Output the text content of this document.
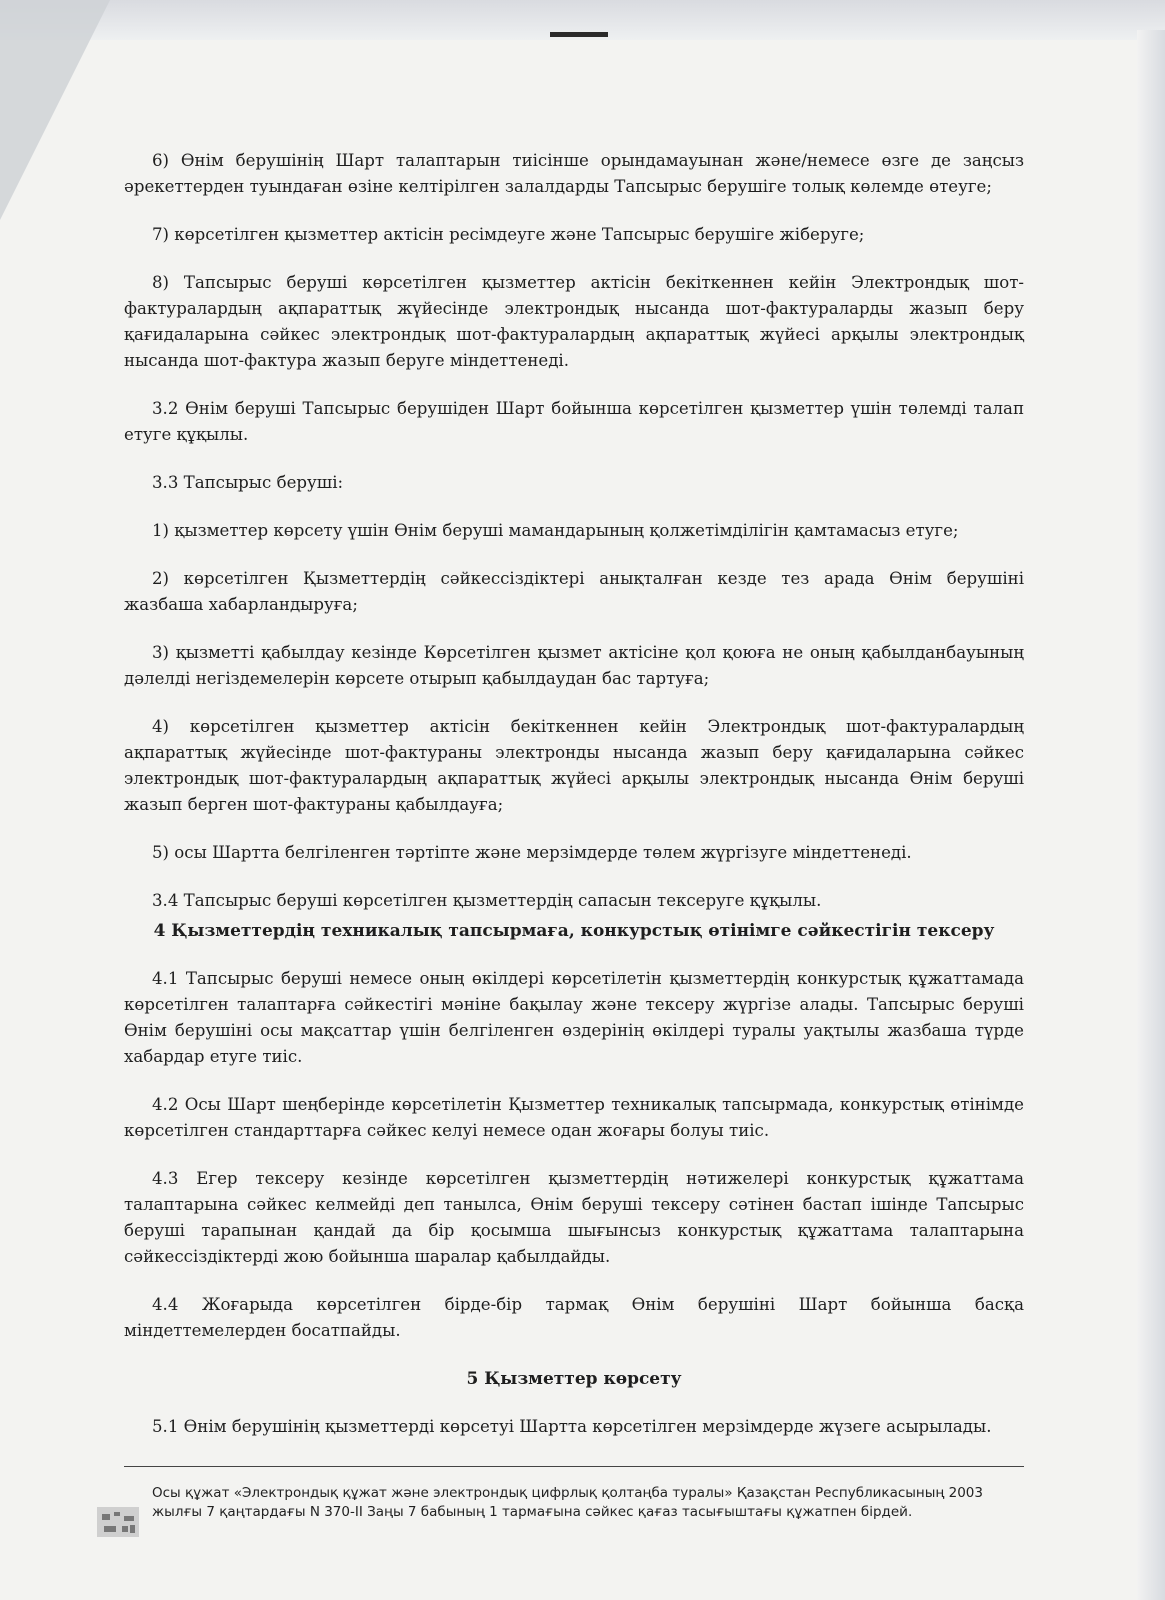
6) Өнім берушінің Шарт талаптарын тиісінше орындамауынан және/немесе өзге де заңсыз әрекеттерден туындаған өзіне келтірілген залалдарды Тапсырыс берушіге толық көлемде өтеуге;

7) көрсетілген қызметтер актісін ресімдеуге және Тапсырыс берушіге жіберуге;

8) Тапсырыс беруші көрсетілген қызметтер актісін бекіткеннен кейін Электрондық шот-фактуралардың ақпараттық жүйесінде электрондық нысанда шот-фактураларды жазып беру қағидаларына сәйкес электрондық шот-фактуралардың ақпараттық жүйесі арқылы электрондық нысанда шот-фактура жазып беруге міндеттенеді.

3.2 Өнім беруші Тапсырыс берушіден Шарт бойынша көрсетілген қызметтер үшін төлемді талап етуге құқылы.

3.3 Тапсырыс беруші:

1) қызметтер көрсету үшін Өнім беруші мамандарының қолжетімділігін қамтамасыз етуге;

2) көрсетілген Қызметтердің сәйкессіздіктері анықталған кезде тез арада Өнім берушіні жазбаша хабарландыруға;

3) қызметті қабылдау кезінде Көрсетілген қызмет актісіне қол қоюға не оның қабылданбауының дәлелді негіздемелерін көрсете отырып қабылдаудан бас тартуға;

4) көрсетілген қызметтер актісін бекіткеннен кейін Электрондық шот-фактуралардың ақпараттық жүйесінде шот-фактураны электронды нысанда жазып беру қағидаларына сәйкес электрондық шот-фактуралардың ақпараттық жүйесі арқылы электрондық нысанда Өнім беруші жазып берген шот-фактураны қабылдауға;

5) осы Шартта белгіленген тәртіпте және мерзімдерде төлем жүргізуге міндеттенеді.

3.4 Тапсырыс беруші көрсетілген қызметтердің сапасын тексеруге құқылы.

4 Қызметтердің техникалық тапсырмаға, конкурстық өтінімге сәйкестігін тексеру

4.1 Тапсырыс беруші немесе оның өкілдері көрсетілетін қызметтердің конкурстық құжаттамада көрсетілген талаптарға сәйкестігі мәніне бақылау және тексеру жүргізе алады. Тапсырыс беруші Өнім берушіні осы мақсаттар үшін белгіленген өздерінің өкілдері туралы уақтылы жазбаша түрде хабардар етуге тиіс.

4.2 Осы Шарт шеңберінде көрсетілетін Қызметтер техникалық тапсырмада, конкурстық өтінімде көрсетілген стандарттарға сәйкес келуі немесе одан жоғары болуы тиіс.

4.3 Егер тексеру кезінде көрсетілген қызметтердің нәтижелері конкурстық құжаттама талаптарына сәйкес келмейді деп танылса, Өнім беруші тексеру сәтінен бастап ішінде Тапсырыс беруші тарапынан қандай да бір қосымша шығынсыз конкурстық құжаттама талаптарына сәйкессіздіктерді жою бойынша шаралар қабылдайды.

4.4 Жоғарыда көрсетілген бірде-бір тармақ Өнім берушіні Шарт бойынша басқа міндеттемелерден босатпайды.

5 Қызметтер көрсету

5.1 Өнім берушінің қызметтерді көрсетуі Шартта көрсетілген мерзімдерде жүзеге асырылады.

Осы құжат «Электрондық құжат және электрондық цифрлық қолтаңба туралы» Қазақстан Республикасының 2003 жылғы 7 қаңтардағы N 370-II Заңы 7 бабының 1 тармағына сәйкес қағаз тасығыштағы құжатпен бірдей.
